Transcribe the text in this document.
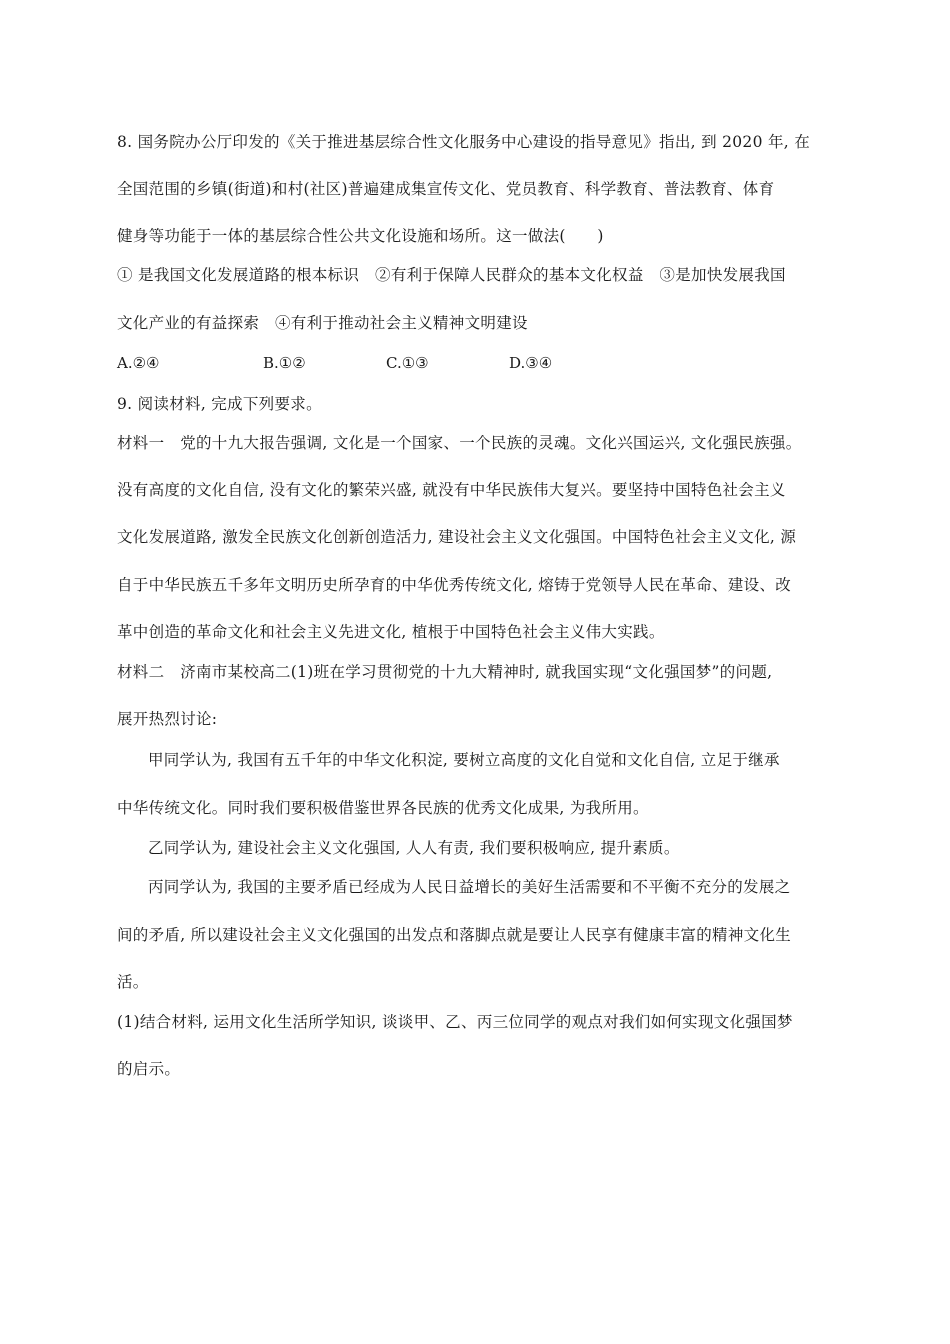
8. 国务院办公厅印发的《关于推进基层综合性文化服务中心建设的指导意见》指出, 到 2020 年, 在
全国范围的乡镇(街道)和村(社区)普遍建成集宣传文化、党员教育、科学教育、普法教育、体育
健身等功能于一体的基层综合性公共文化设施和场所。这一做法(　　)
① 是我国文化发展道路的根本标识　②有利于保障人民群众的基本文化权益　③是加快发展我国
文化产业的有益探索　④有利于推动社会主义精神文明建设
A.②④	B.①②	C.①③	D.③④
9. 阅读材料, 完成下列要求。
材料一　党的十九大报告强调, 文化是一个国家、一个民族的灵魂。文化兴国运兴, 文化强民族强。
没有高度的文化自信, 没有文化的繁荣兴盛, 就没有中华民族伟大复兴。要坚持中国特色社会主义
文化发展道路, 激发全民族文化创新创造活力, 建设社会主义文化强国。中国特色社会主义文化, 源
自于中华民族五千多年文明历史所孕育的中华优秀传统文化, 熔铸于党领导人民在革命、建设、改
革中创造的革命文化和社会主义先进文化, 植根于中国特色社会主义伟大实践。
材料二　济南市某校高二(1)班在学习贯彻党的十九大精神时, 就我国实现“文化强国梦”的问题,
展开热烈讨论:
甲同学认为, 我国有五千年的中华文化积淀, 要树立高度的文化自觉和文化自信, 立足于继承
中华传统文化。同时我们要积极借鉴世界各民族的优秀文化成果, 为我所用。
乙同学认为, 建设社会主义文化强国, 人人有责, 我们要积极响应, 提升素质。
丙同学认为, 我国的主要矛盾已经成为人民日益增长的美好生活需要和不平衡不充分的发展之
间的矛盾, 所以建设社会主义文化强国的出发点和落脚点就是要让人民享有健康丰富的精神文化生
活。
(1)结合材料, 运用文化生活所学知识, 谈谈甲、乙、丙三位同学的观点对我们如何实现文化强国梦
的启示。
